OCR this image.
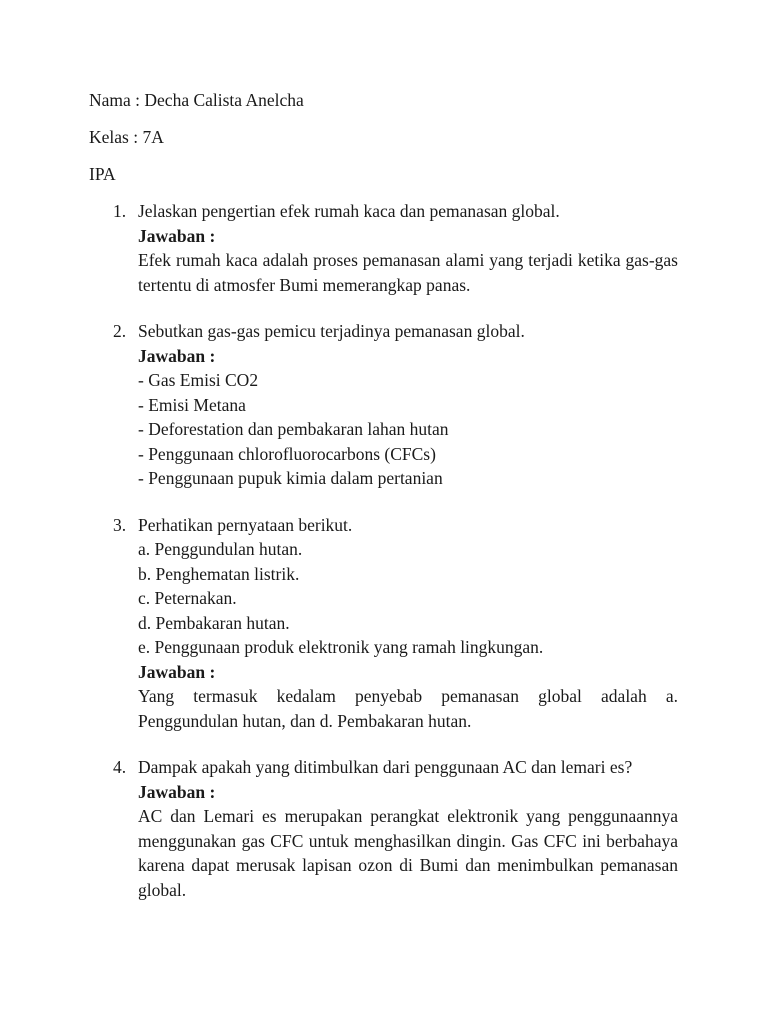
Nama : Decha Calista Anelcha
Kelas : 7A
IPA
1. Jelaskan pengertian efek rumah kaca dan pemanasan global.
Jawaban :
Efek rumah kaca adalah proses pemanasan alami yang terjadi ketika gas-gas
tertentu di atmosfer Bumi memerangkap panas.
2. Sebutkan gas-gas pemicu terjadinya pemanasan global.
Jawaban :
- Gas Emisi CO2
- Emisi Metana
- Deforestation dan pembakaran lahan hutan
- Penggunaan chlorofluorocarbons (CFCs)
- Penggunaan pupuk kimia dalam pertanian
3. Perhatikan pernyataan berikut.
a. Penggundulan hutan.
b. Penghematan listrik.
c. Peternakan.
d. Pembakaran hutan.
e. Penggunaan produk elektronik yang ramah lingkungan.
Jawaban :
Yang termasuk kedalam penyebab pemanasan global adalah a.
Penggundulan hutan, dan d. Pembakaran hutan.
4. Dampak apakah yang ditimbulkan dari penggunaan AC dan lemari es?
Jawaban :
AC dan Lemari es merupakan perangkat elektronik yang penggunaannya
menggunakan gas CFC untuk menghasilkan dingin. Gas CFC ini berbahaya
karena dapat merusak lapisan ozon di Bumi dan menimbulkan pemanasan
global.
